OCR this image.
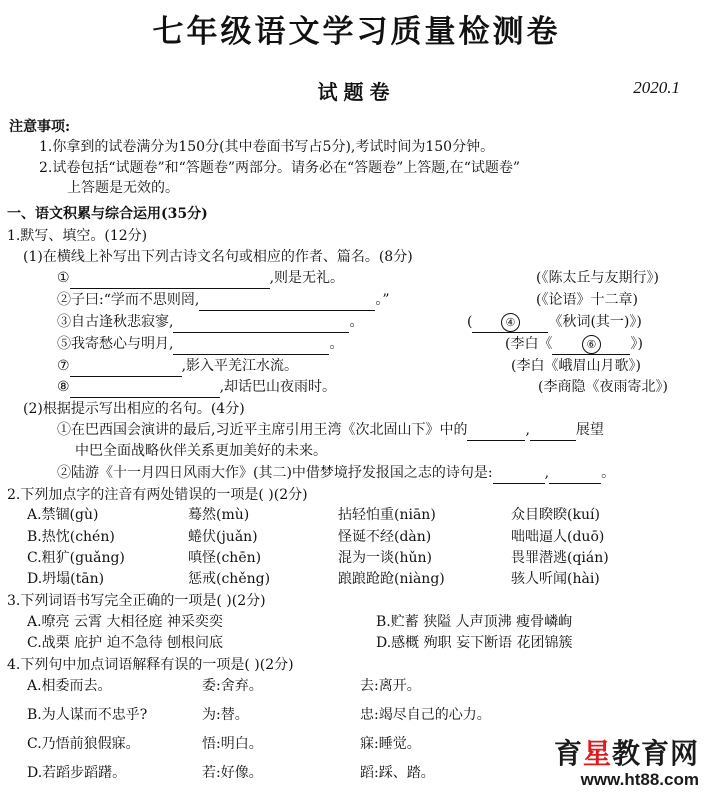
七年级语文学习质量检测卷
试题卷	2020.1
注意事项:
1.你拿到的试卷满分为150分(其中卷面书写占5分),考试时间为150分钟。
2.试卷包括“试题卷”和“答题卷”两部分。请务必在“答题卷”上答题,在“试题卷”
上答题是无效的。
一、语文积累与综合运用(35分)
1.默写、填空。(12分)
(1)在横线上补写出下列古诗文名句或相应的作者、篇名。(8分)
①	,则是无礼。	(《陈太丘与友期行》)
②子曰:“学而不思则罔,	。”	(《论语》十二章)
③自古逢秋悲寂寥,	。	(	④ 《秋词(其一)》)
⑤我寄愁心与明月,	。	(李白《	⑥ 》)
⑦	,影入平羌江水流。	(李白《峨眉山月歌》)
⑧	,却话巴山夜雨时。	(李商隐《夜雨寄北》)
(2)根据提示写出相应的名句。(4分)
①在巴西国会演讲的最后,习近平主席引用王湾《次北固山下》中的	,	展望
中巴全面战略伙伴关系更加美好的未来。
②陆游《十一月四日风雨大作》(其二)中借梦境抒发报国之志的诗句是:	,	。
2.下列加点字的注音有两处错误的一项是( )(2分)
A.禁锢(gù)	蓦然(mù)	拈轻怕重(niān)	众目睽睽(kuí)
B.热忱(chén)	蜷伏(juǎn)	怪诞不经(dàn)	咄咄逼人(duō)
C.粗犷(guǎng)	嗔怪(chēn)	混为一谈(hǔn)	畏罪潜逃(qián)
D.坍塌(tān)	惩戒(chěng)	踉踉跄跄(niàng)	骇人听闻(hài)
3.下列词语书写完全正确的一项是( )(2分)
A.嘹亮 云霄 大相径庭 神采奕奕	B.贮蓄 狭隘 人声顶沸 瘦骨嶙峋
C.战栗 庇护 迫不急待 刨根问底	D.感概 殉职 妄下断语 花团锦簇
4.下列句中加点词语解释有误的一项是( )(2分)
A.相委而去。	委:舍弃。	去:离开。
B.为人谋而不忠乎?	为:替。	忠:竭尽自己的心力。
C.乃悟前狼假寐。	悟:明白。	寐:睡觉。
D.若蹈步蹈躇。	若:好像。	蹈:踩、踏。
育星教育网
www.ht88.com
